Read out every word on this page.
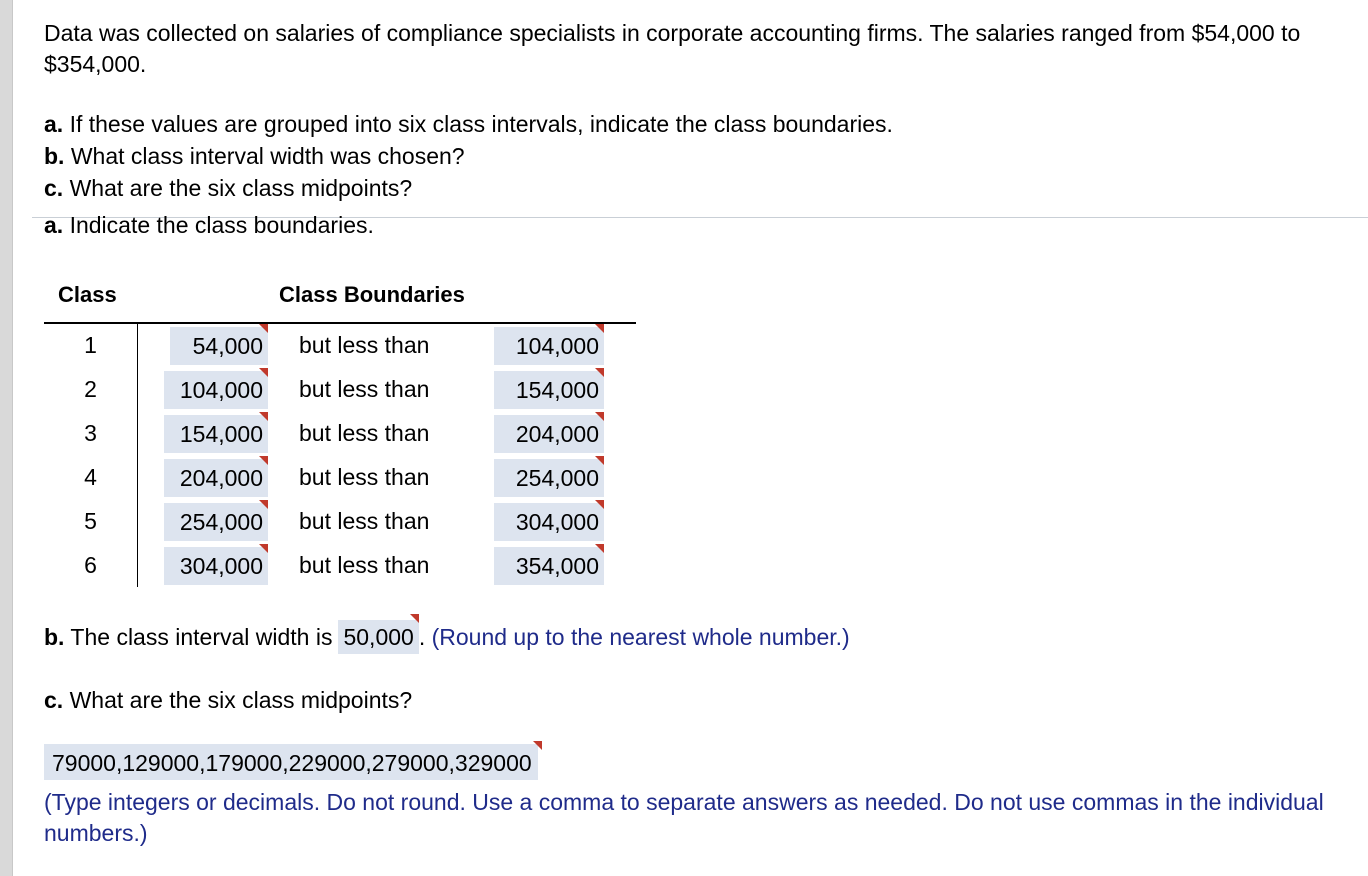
Data was collected on salaries of compliance specialists in corporate accounting firms. The salaries ranged from $54,000 to $354,000.

a. If these values are grouped into six class intervals, indicate the class boundaries.
b. What class interval width was chosen?
c. What are the six class midpoints?
a. Indicate the class boundaries.
Class	Class Boundaries
1	54,000 but less than	104,000
2	104,000 but less than	154,000
3	154,000 but less than	204,000
4	204,000 but less than	254,000
5	254,000 but less than	304,000
6	304,000 but less than	354,000
b. The class interval width is 50,000 . (Round up to the nearest whole number.)
c. What are the six class midpoints?
79000,129000,179000,229000,279000,329000
(Type integers or decimals. Do not round. Use a comma to separate answers as needed. Do not use commas in the individual numbers.)
